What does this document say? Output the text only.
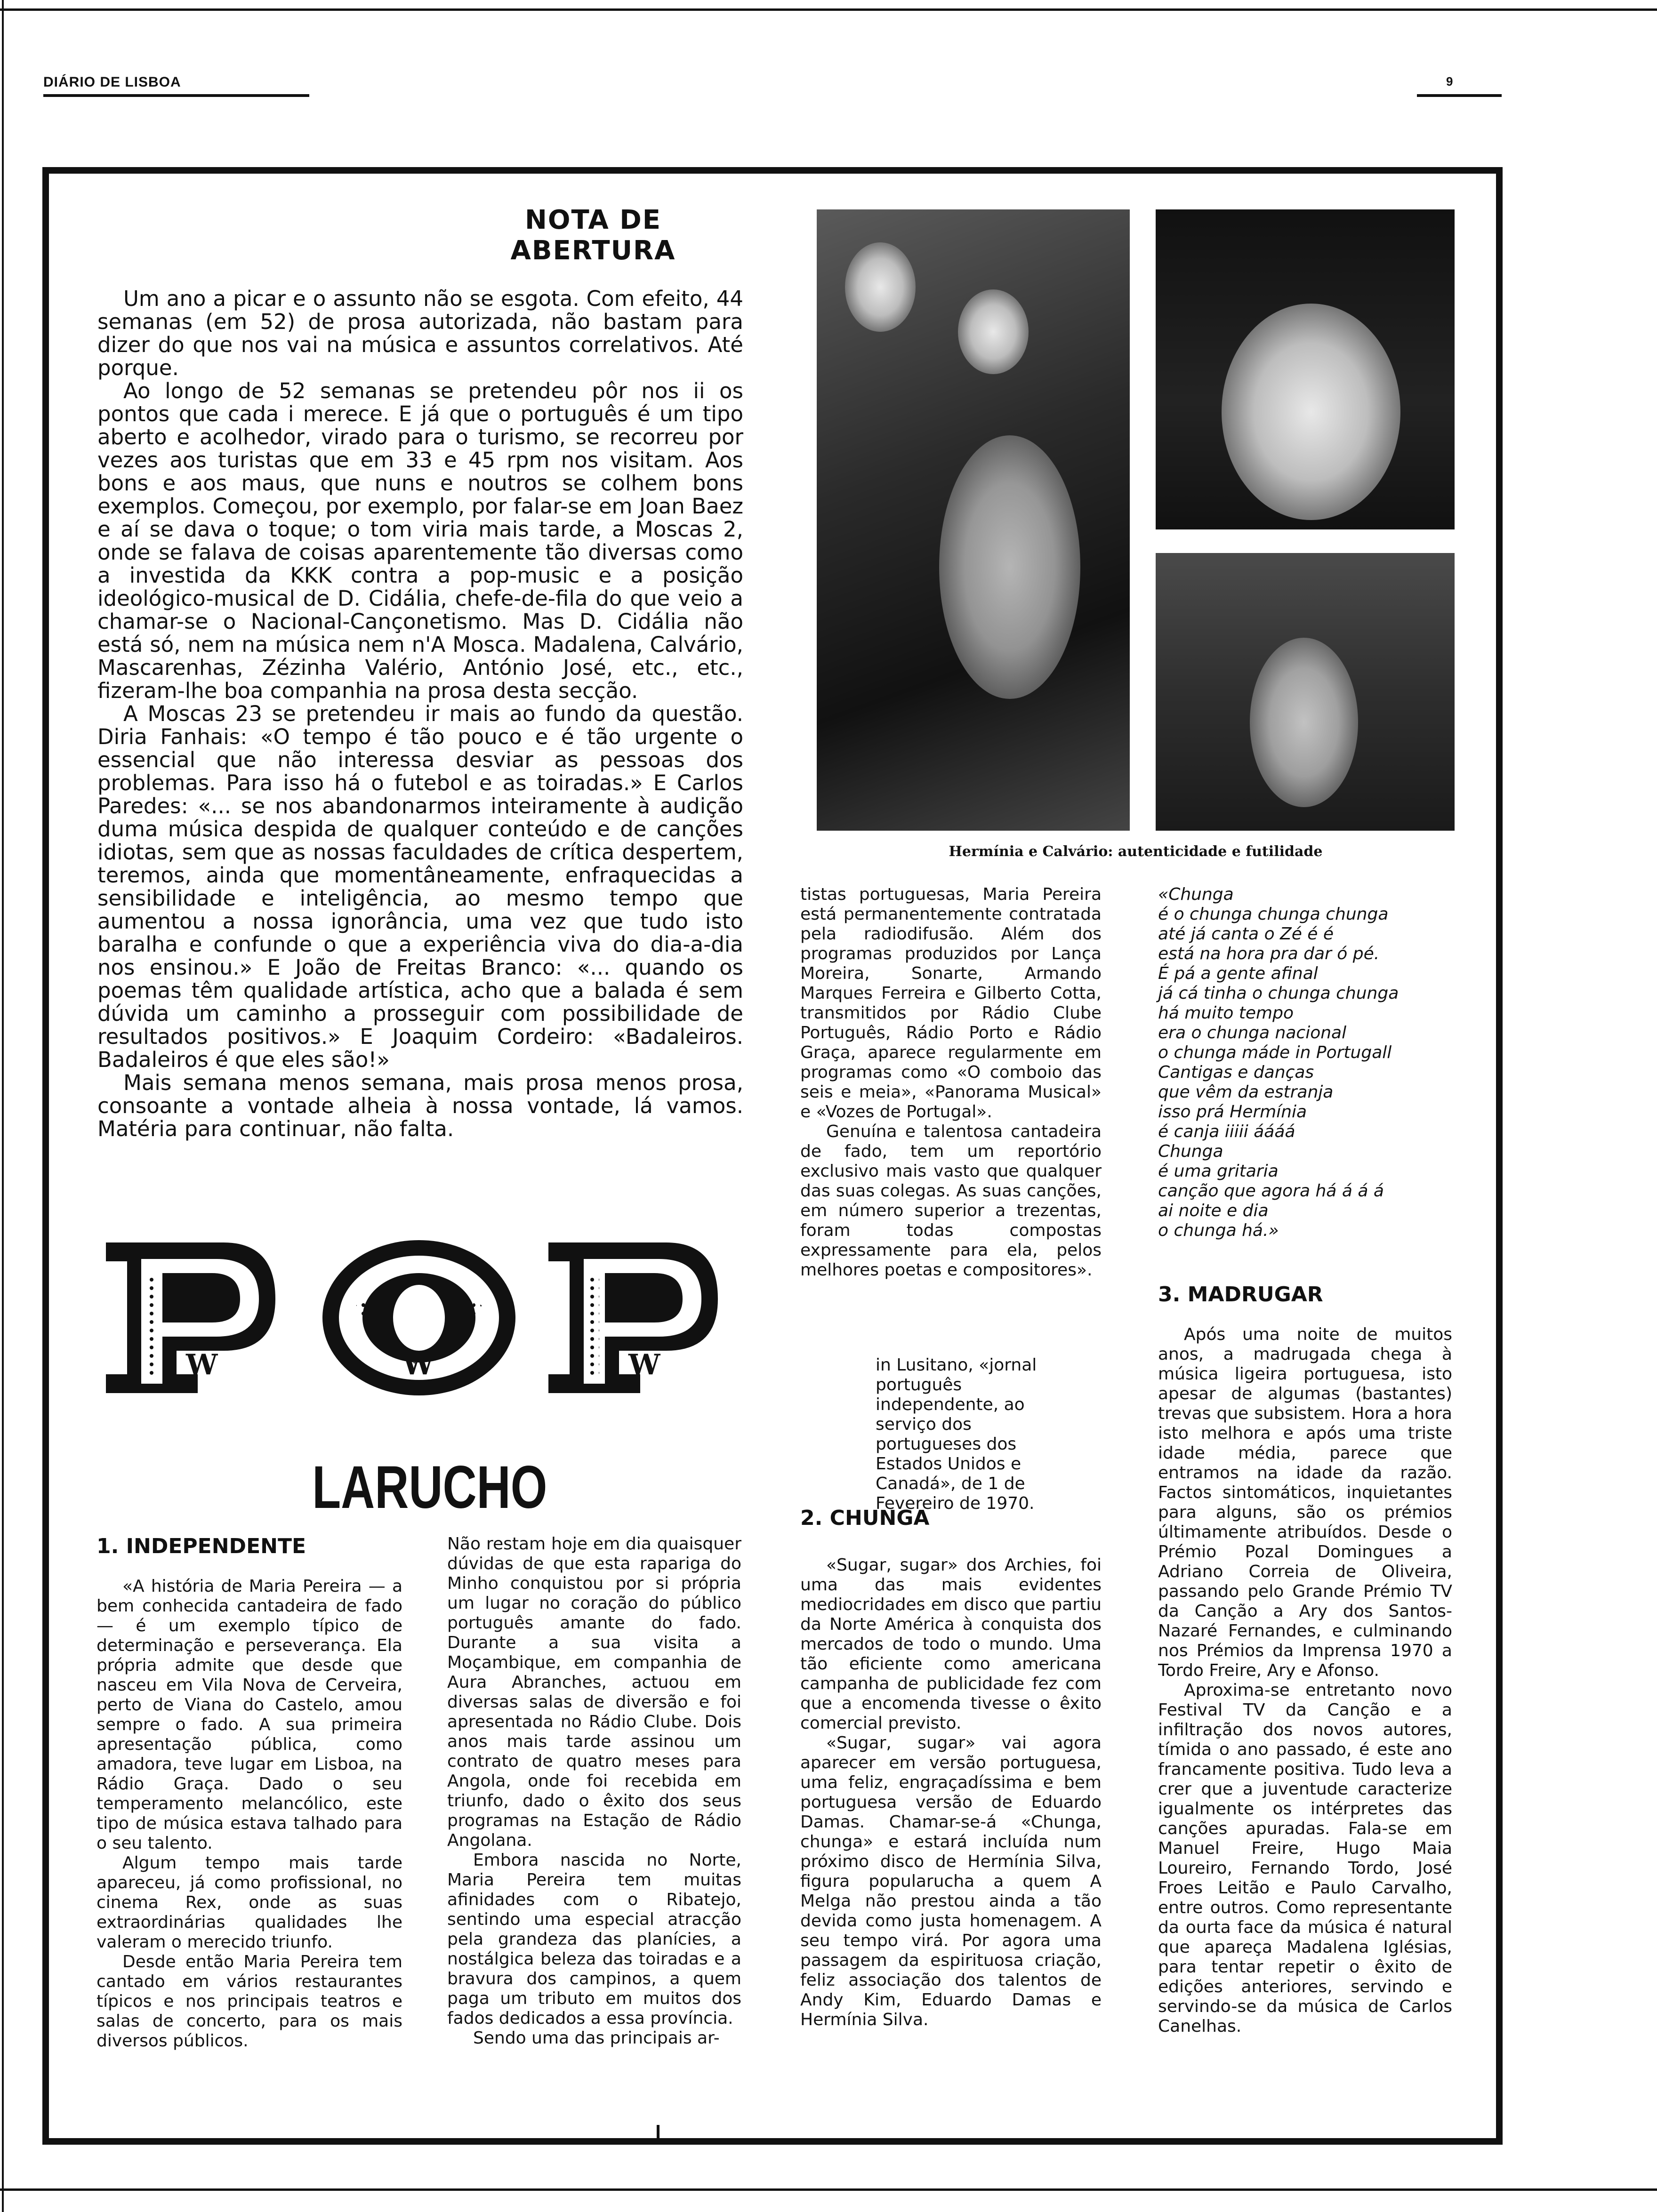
DIÁRIO DE LISBOA	9
NOTA DE ABERTURA

Um ano a picar e o assunto não se esgota. Com efeito, 44 semanas (em 52) de prosa autorizada, não bastam para dizer do que nos vai na música e assuntos correlativos. Até porque.

Ao longo de 52 semanas se pretendeu pôr nos ii os pontos que cada i merece. E já que o português é um tipo aberto e acolhedor, virado para o turismo, se recorreu por vezes aos turistas que em 33 e 45 rpm nos visitam. Aos bons e aos maus, que nuns e noutros se colhem bons exemplos. Começou, por exemplo, por falar-se em Joan Baez e aí se dava o toque; o tom viria mais tarde, a Moscas 2, onde se falava de coisas aparentemente tão diversas como a investida da KKK contra a pop-music e a posição ideológico-musical de D. Cidália, chefe-de-fila do que veio a chamar-se o Nacional-Cançonetismo. Mas D. Cidália não está só, nem na música nem n'A Mosca. Madalena, Calvário, Mascarenhas, Zézinha Valério, António José, etc., etc., fizeram-lhe boa companhia na prosa desta secção.

A Moscas 23 se pretendeu ir mais ao fundo da questão. Diria Fanhais: «O tempo é tão pouco e é tão urgente o essencial que não interessa desviar as pessoas dos problemas. Para isso há o futebol e as toiradas.» E Carlos Paredes: «... se nos abandonarmos inteiramente à audição duma música despida de qualquer conteúdo e de canções idiotas, sem que as nossas faculdades de crítica despertem, teremos, ainda que momentâneamente, enfraquecidas a sensibilidade e inteligência, ao mesmo tempo que aumentou a nossa ignorância, uma vez que tudo isto baralha e confunde o que a experiência viva do dia-a-dia nos ensinou.» E João de Freitas Branco: «... quando os poemas têm qualidade artística, acho que a balada é sem dúvida um caminho a prosseguir com possibilidade de resultados positivos.» E Joaquim Cordeiro: «Badaleiros. Badaleiros é que eles são!»

Mais semana menos semana, mais prosa menos prosa, consoante a vontade alheia à nossa vontade, lá vamos. Matéria para continuar, não falta.

W	W	W
LARUCHO
1. INDEPENDENTE

«A história de Maria Pereira — a bem conhecida cantadeira de fado — é um exemplo típico de determinação e perseverança. Ela própria admite que desde que nasceu em Vila Nova de Cerveira, perto de Viana do Castelo, amou sempre o fado. A sua primeira apresentação pública, como amadora, teve lugar em Lisboa, na Rádio Graça. Dado o seu temperamento melancólico, este tipo de música estava talhado para o seu talento.

Algum tempo mais tarde apareceu, já como profissional, no cinema Rex, onde as suas extraordinárias qualidades lhe valeram o merecido triunfo.

Desde então Maria Pereira tem cantado em vários restaurantes típicos e nos principais teatros e salas de concerto, para os mais diversos públicos.

Não restam hoje em dia quaisquer dúvidas de que esta rapariga do Minho conquistou por si própria um lugar no coração do público português amante do fado. Durante a sua visita a Moçambique, em companhia de Aura Abranches, actuou em diversas salas de diversão e foi apresentada no Rádio Clube. Dois anos mais tarde assinou um contrato de quatro meses para Angola, onde foi recebida em triunfo, dado o êxito dos seus programas na Estação de Rádio Angolana.

Embora nascida no Norte, Maria Pereira tem muitas afinidades com o Ribatejo, sentindo uma especial atracção pela grandeza das planícies, a nostálgica beleza das toiradas e a bravura dos campinos, a quem paga um tributo em muitos dos fados dedicados a essa província.

Sendo uma das principais ar-

Hermínia e Calvário: autenticidade e futilidade

tistas portuguesas, Maria Pereira está permanentemente contratada pela radiodifusão. Além dos programas produzidos por Lança Moreira, Sonarte, Armando Marques Ferreira e Gilberto Cotta, transmitidos por Rádio Clube Português, Rádio Porto e Rádio Graça, aparece regularmente em programas como «O comboio das seis e meia», «Panorama Musical» e «Vozes de Portugal».

Genuína e talentosa cantadeira de fado, tem um reportório exclusivo mais vasto que qualquer das suas colegas. As suas canções, em número superior a trezentas, foram todas compostas expressamente para ela, pelos melhores poetas e compositores».

in Lusitano, «jornal português independente, ao serviço dos portugueses dos Estados Unidos e Canadá», de 1 de Fevereiro de 1970.
2. CHUNGA

«Sugar, sugar» dos Archies, foi uma das mais evidentes mediocridades em disco que partiu da Norte América à conquista dos mercados de todo o mundo. Uma tão eficiente como americana campanha de publicidade fez com que a encomenda tivesse o êxito comercial previsto.

«Sugar, sugar» vai agora aparecer em versão portuguesa, uma feliz, engraçadíssima e bem portuguesa versão de Eduardo Damas. Chamar-se-á «Chunga, chunga» e estará incluída num próximo disco de Hermínia Silva, figura popularucha a quem A Melga não prestou ainda a tão devida como justa homenagem. A seu tempo virá. Por agora uma passagem da espirituosa criação, feliz associação dos talentos de Andy Kim, Eduardo Damas e Hermínia Silva.

«Chunga
é o chunga chunga chunga
até já canta o Zé é é
está na hora pra dar ó pé.
É pá a gente afinal
já cá tinha o chunga chunga
há muito tempo
era o chunga nacional
o chunga máde in Portugall
Cantigas e danças
que vêm da estranja
isso prá Hermínia
é canja iiiii áááá
Chunga
é uma gritaria
canção que agora há á á á
ai noite e dia
o chunga há.»
3. MADRUGAR

Após uma noite de muitos anos, a madrugada chega à música ligeira portuguesa, isto apesar de algumas (bastantes) trevas que subsistem. Hora a hora isto melhora e após uma triste idade média, parece que entramos na idade da razão. Factos sintomáticos, inquietantes para alguns, são os prémios últimamente atribuídos. Desde o Prémio Pozal Domingues a Adriano Correia de Oliveira, passando pelo Grande Prémio TV da Canção a Ary dos Santos-Nazaré Fernandes, e culminando nos Prémios da Imprensa 1970 a Tordo Freire, Ary e Afonso.

Aproxima-se entretanto novo Festival TV da Canção e a infiltração dos novos autores, tímida o ano passado, é este ano francamente positiva. Tudo leva a crer que a juventude caracterize igualmente os intérpretes das canções apuradas. Fala-se em Manuel Freire, Hugo Maia Loureiro, Fernando Tordo, José Froes Leitão e Paulo Carvalho, entre outros. Como representante da ourta face da música é natural que apareça Madalena Iglésias, para tentar repetir o êxito de edições anteriores, servindo e servindo-se da música de Carlos Canelhas.
